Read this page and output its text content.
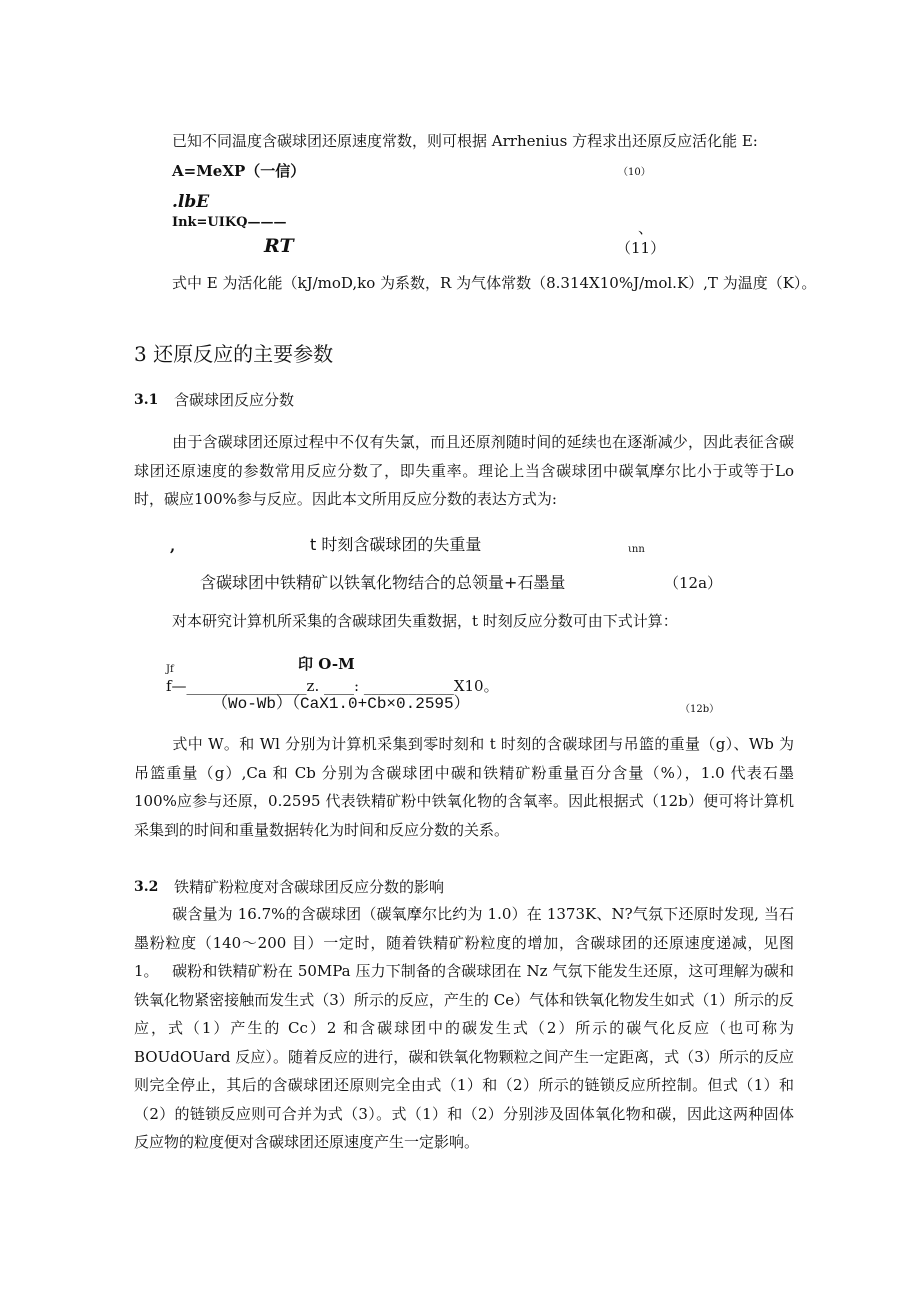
已知不同温度含碳球团还原速度常数，则可根据 Arrhenius 方程求出还原反应活化能 E:
A=MeXP（一信）	（10）
.lbE
Ink=UIKQ———
RT
、
（11）
式中 E 为活化能（kJ/moD,ko 为系数，R 为气体常数（8.314X10%J/mol.K）,T 为温度（K）。
3 还原反应的主要参数
3.1 含碳球团反应分数
由于含碳球团还原过程中不仅有失氯，而且还原剂随时间的延续也在逐渐减少，因此表征含碳球团还原速度的参数常用反应分数了，即失重率。理论上当含碳球团中碳氧摩尔比小于或等于Lo时，碳应100%参与反应。因此本文所用反应分数的表达方式为:
,	t 时刻含碳球团的失重量	ιnn
含碳球团中铁精矿以铁氧化物结合的总领量+石墨量	（12a）
对本研究计算机所采集的含碳球团失重数据，t 时刻反应分数可由下式计算：
Jf	印 O-M
f—________________z. ____: ____________X10。
（Wo-Wb）（CaX1.0+Cb×0.2595）	（12b）
式中 W。和 Wl 分别为计算机采集到零时刻和 t 时刻的含碳球团与吊篮的重量（g）、Wb 为吊篮重量（g）,Ca 和 Cb 分别为含碳球团中碳和铁精矿粉重量百分含量（%），1.0 代表石墨 100%应参与还原，0.2595 代表铁精矿粉中铁氧化物的含氧率。因此根据式（12b）便可将计算机采集到的时间和重量数据转化为时间和反应分数的关系。
3.2 铁精矿粉粒度对含碳球团反应分数的影响
碳含量为 16.7%的含碳球团（碳氧摩尔比约为 1.0）在 1373K、N?气氛下还原时发现, 当石墨粉粒度（140～200 目）一定时，随着铁精矿粉粒度的增加，含碳球团的还原速度递减，见图 1。 碳粉和铁精矿粉在 50MPa 压力下制备的含碳球团在 Nz 气氛下能发生还原，这可理解为碳和铁氧化物紧密接触而发生式（3）所示的反应，产生的 Ce）气体和铁氧化物发生如式（1）所示的反应，式（1）产生的 Cc）2 和含碳球团中的碳发生式（2）所示的碳气化反应（也可称为 BOUdOUard 反应）。随着反应的进行，碳和铁氧化物颗粒之间产生一定距离，式（3）所示的反应则完全停止，其后的含碳球团还原则完全由式（1）和（2）所示的链锁反应所控制。但式（1）和（2）的链锁反应则可合并为式（3）。式（1）和（2）分别涉及固体氧化物和碳，因此这两种固体反应物的粒度便对含碳球团还原速度产生一定影响。
